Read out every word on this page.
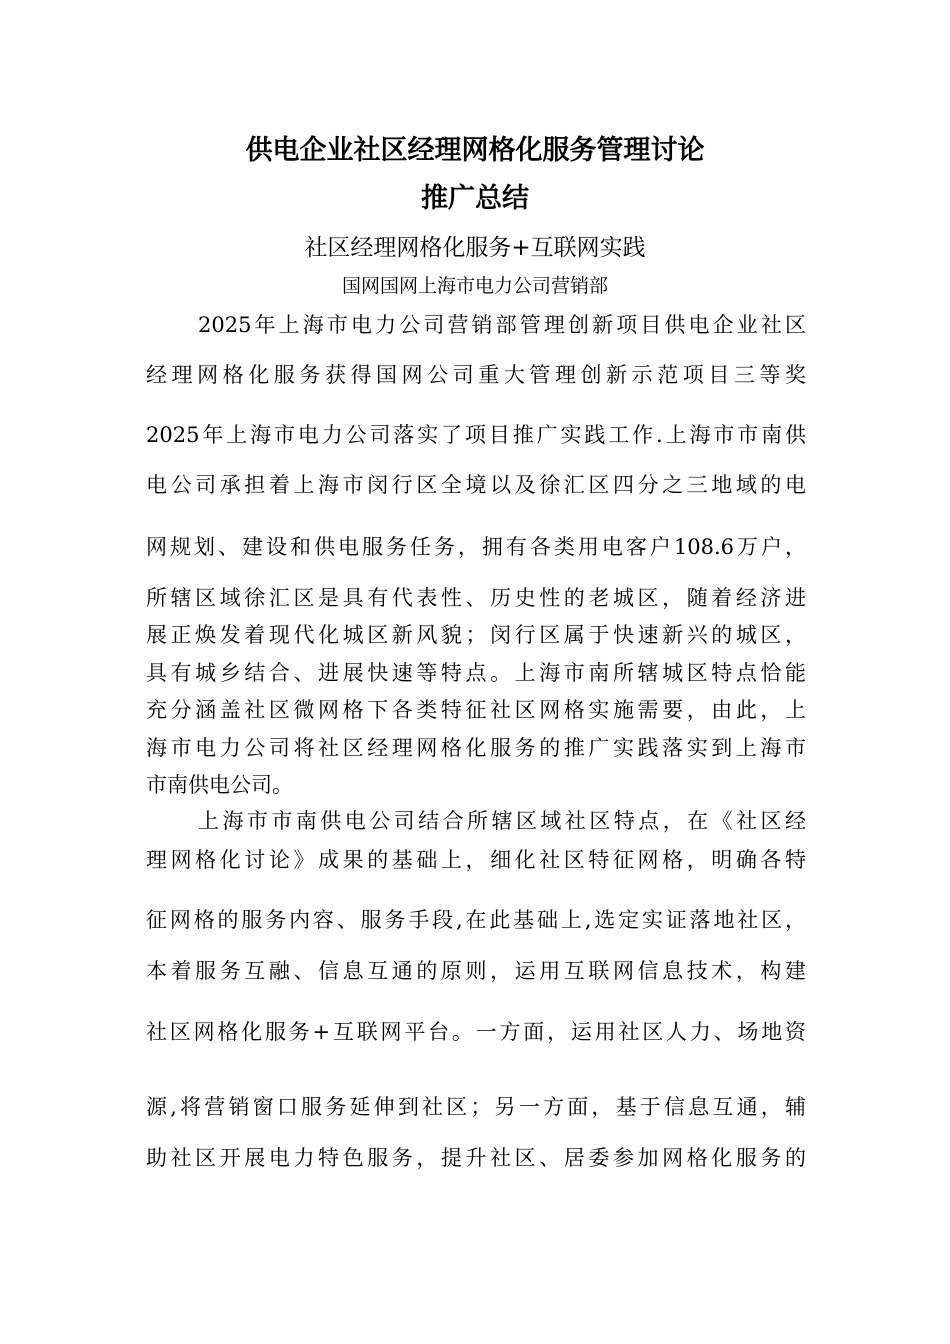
供电企业社区经理网格化服务管理讨论
推广总结
社区经理网格化服务+互联网实践
国网国网上海市电力公司营销部
2025年上海市电力公司营销部管理创新项目供电企业社区
经理网格化服务获得国网公司重大管理创新示范项目三等奖
2025年上海市电力公司落实了项目推广实践工作.上海市市南供
电公司承担着上海市闵行区全境以及徐汇区四分之三地域的电
网规划、建设和供电服务任务，拥有各类用电客户108.6万户，
所辖区域徐汇区是具有代表性、历史性的老城区，随着经济进
展正焕发着现代化城区新风貌；闵行区属于快速新兴的城区，
具有城乡结合、进展快速等特点。上海市南所辖城区特点恰能
充分涵盖社区微网格下各类特征社区网格实施需要，由此，上
海市电力公司将社区经理网格化服务的推广实践落实到上海市
市南供电公司。
上海市市南供电公司结合所辖区域社区特点，在《社区经
理网格化讨论》成果的基础上，细化社区特征网格，明确各特
征网格的服务内容、服务手段,在此基础上,选定实证落地社区，
本着服务互融、信息互通的原则，运用互联网信息技术，构建
社区网格化服务+互联网平台。一方面，运用社区人力、场地资
源,将营销窗口服务延伸到社区；另一方面，基于信息互通，辅
助社区开展电力特色服务，提升社区、居委参加网格化服务的
